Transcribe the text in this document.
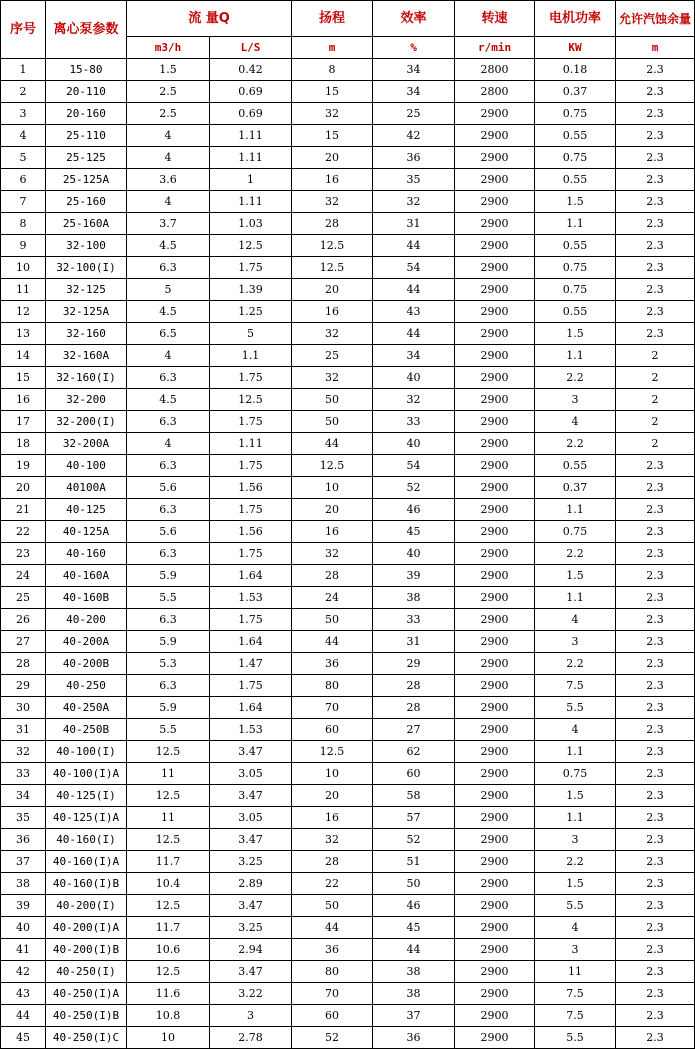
序号	离心泵参数	流 量Q		扬程	效率	转速	电机功率	允许汽蚀余量
		m3/h	L/S	m	%	r/min	KW	m
1	15-80	1.5	0.42	8	34	2800	0.18	2.3
2	20-110	2.5	0.69	15	34	2800	0.37	2.3
3	20-160	2.5	0.69	32	25	2900	0.75	2.3
4	25-110	4	1.11	15	42	2900	0.55	2.3
5	25-125	4	1.11	20	36	2900	0.75	2.3
6	25-125A	3.6	1	16	35	2900	0.55	2.3
7	25-160	4	1.11	32	32	2900	1.5	2.3
8	25-160A	3.7	1.03	28	31	2900	1.1	2.3
9	32-100	4.5	12.5	12.5	44	2900	0.55	2.3
10	32-100(I)	6.3	1.75	12.5	54	2900	0.75	2.3
11	32-125	5	1.39	20	44	2900	0.75	2.3
12	32-125A	4.5	1.25	16	43	2900	0.55	2.3
13	32-160	6.5	5	32	44	2900	1.5	2.3
14	32-160A	4	1.1	25	34	2900	1.1	2
15	32-160(I)	6.3	1.75	32	40	2900	2.2	2
16	32-200	4.5	12.5	50	32	2900	3	2
17	32-200(I)	6.3	1.75	50	33	2900	4	2
18	32-200A	4	1.11	44	40	2900	2.2	2
19	40-100	6.3	1.75	12.5	54	2900	0.55	2.3
20	40100A	5.6	1.56	10	52	2900	0.37	2.3
21	40-125	6.3	1.75	20	46	2900	1.1	2.3
22	40-125A	5.6	1.56	16	45	2900	0.75	2.3
23	40-160	6.3	1.75	32	40	2900	2.2	2.3
24	40-160A	5.9	1.64	28	39	2900	1.5	2.3
25	40-160B	5.5	1.53	24	38	2900	1.1	2.3
26	40-200	6.3	1.75	50	33	2900	4	2.3
27	40-200A	5.9	1.64	44	31	2900	3	2.3
28	40-200B	5.3	1.47	36	29	2900	2.2	2.3
29	40-250	6.3	1.75	80	28	2900	7.5	2.3
30	40-250A	5.9	1.64	70	28	2900	5.5	2.3
31	40-250B	5.5	1.53	60	27	2900	4	2.3
32	40-100(I)	12.5	3.47	12.5	62	2900	1.1	2.3
33	40-100(I)A	11	3.05	10	60	2900	0.75	2.3
34	40-125(I)	12.5	3.47	20	58	2900	1.5	2.3
35	40-125(I)A	11	3.05	16	57	2900	1.1	2.3
36	40-160(I)	12.5	3.47	32	52	2900	3	2.3
37	40-160(I)A	11.7	3.25	28	51	2900	2.2	2.3
38	40-160(I)B	10.4	2.89	22	50	2900	1.5	2.3
39	40-200(I)	12.5	3.47	50	46	2900	5.5	2.3
40	40-200(I)A	11.7	3.25	44	45	2900	4	2.3
41	40-200(I)B	10.6	2.94	36	44	2900	3	2.3
42	40-250(I)	12.5	3.47	80	38	2900	11	2.3
43	40-250(I)A	11.6	3.22	70	38	2900	7.5	2.3
44	40-250(I)B	10.8	3	60	37	2900	7.5	2.3
45	40-250(I)C	10	2.78	52	36	2900	5.5	2.3
